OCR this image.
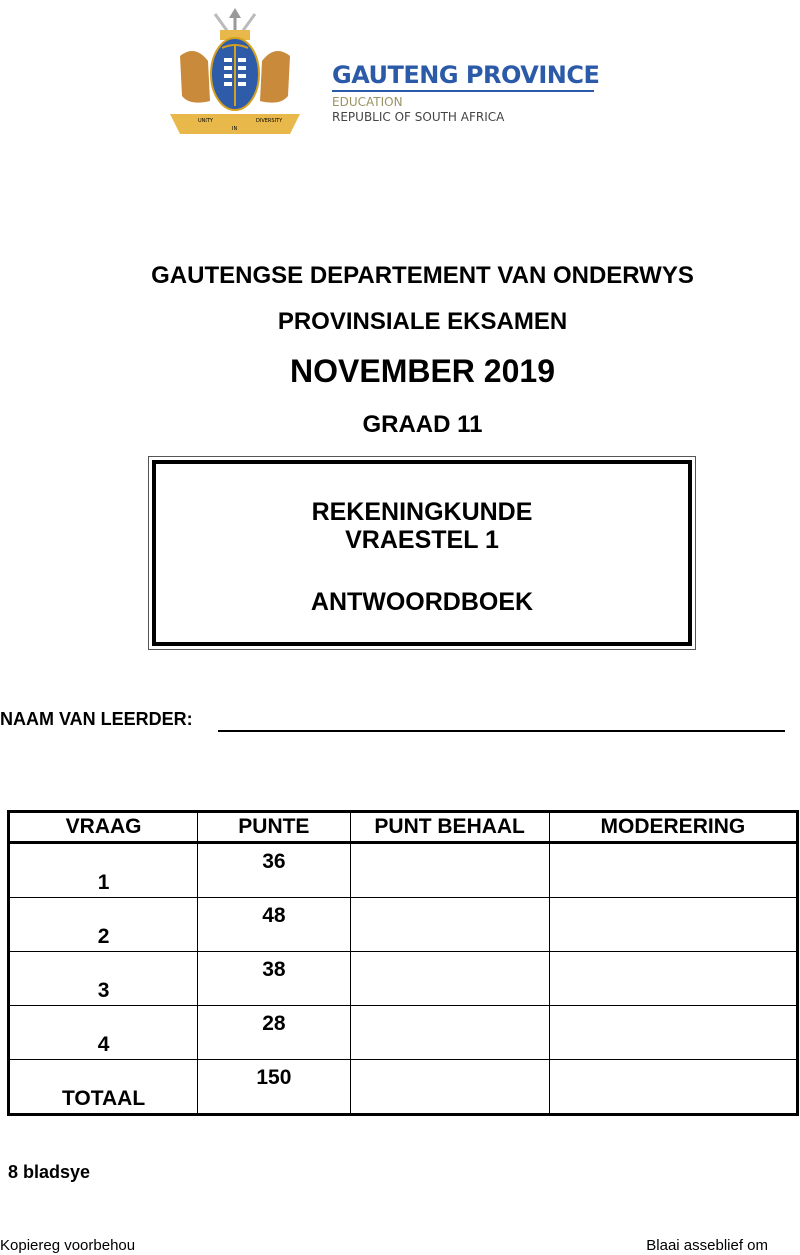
UNITY
IN
DIVERSITY
GAUTENG PROVINCE
EDUCATION
REPUBLIC OF SOUTH AFRICA
GAUTENGSE DEPARTEMENT VAN ONDERWYS
PROVINSIALE EKSAMEN
NOVEMBER 2019
GRAAD 11
REKENINGKUNDE
VRAESTEL 1
ANTWOORDBOEK
NAAM VAN LEERDER:
VRAAG	PUNTE	PUNT BEHAAL	MODERERING

1	36		

2	48		

3	38		

4	28		

TOTAAL	150		

8 bladsye
Kopiereg voorbehou	Blaai asseblief om
